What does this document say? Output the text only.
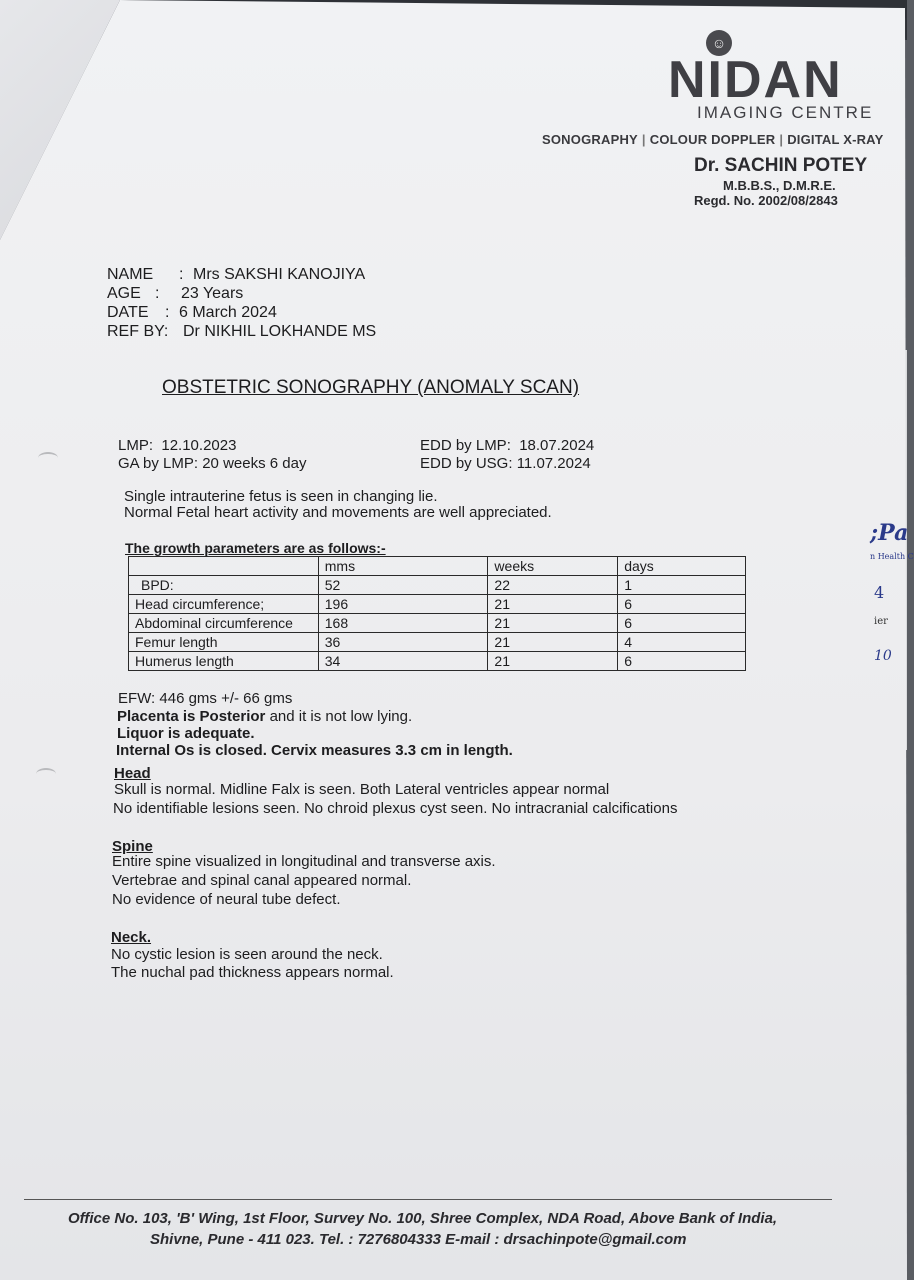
;Pa
n Health C
4
ier
10
☺
NIDAN
IMAGING CENTRE
SONOGRAPHY | COLOUR DOPPLER | DIGITAL X-RAY
Dr. SACHIN POTEY
M.B.B.S., D.M.R.E.
Regd. No. 2002/08/2843
NAME : Mrs SAKSHI KANOJIYA
AGE : 23 Years
DATE : 6 March 2024
REF BY: Dr NIKHIL LOKHANDE MS
OBSTETRIC SONOGRAPHY (ANOMALY SCAN)
LMP: 12.10.2023
GA by LMP: 20 weeks 6 day
EDD by LMP: 18.07.2024
EDD by USG: 11.07.2024
Single intrauterine fetus is seen in changing lie.
Normal Fetal heart activity and movements are well appreciated.
The growth parameters are as follows:-
	mms	weeks	days
BPD:	52	22	1
Head circumference;	196	21	6
Abdominal circumference	168	21	6
Femur length	36	21	4
Humerus length	34	21	6
EFW: 446 gms +/- 66 gms
Placenta is Posterior and it is not low lying.
Liquor is adequate.
Internal Os is closed. Cervix measures 3.3 cm in length.
Head
Skull is normal. Midline Falx is seen. Both Lateral ventricles appear normal
No identifiable lesions seen. No chroid plexus cyst seen. No intracranial calcifications
Spine
Entire spine visualized in longitudinal and transverse axis.
Vertebrae and spinal canal appeared normal.
No evidence of neural tube defect.
Neck.
No cystic lesion is seen around the neck.
The nuchal pad thickness appears normal.
Office No. 103, 'B' Wing, 1st Floor, Survey No. 100, Shree Complex, NDA Road, Above Bank of India,
Shivne, Pune - 411 023. Tel. : 7276804333 E-mail : drsachinpote@gmail.com
